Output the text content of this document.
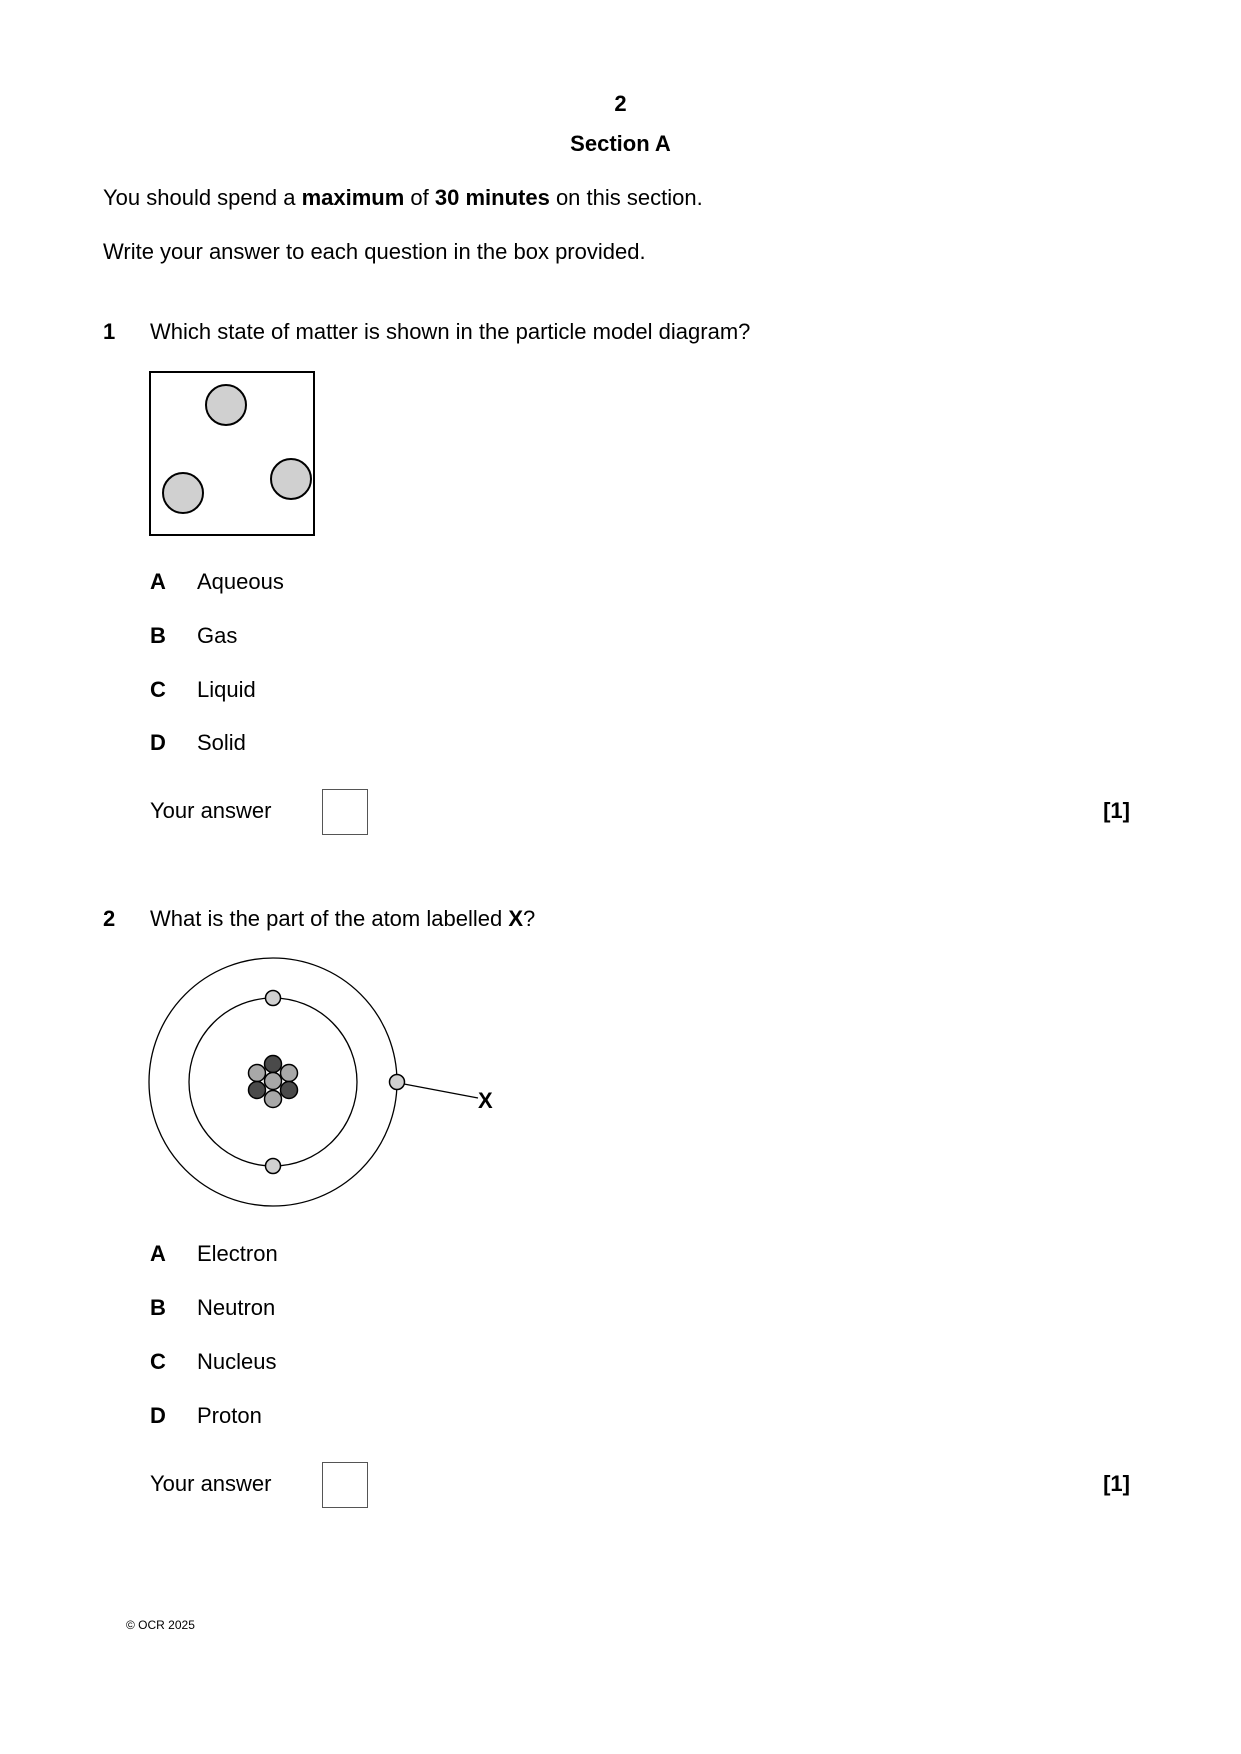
2
Section A
You should spend a maximum of 30 minutes on this section.
Write your answer to each question in the box provided.
1 Which state of matter is shown in the particle model diagram?
A Aqueous
B Gas
C Liquid
D Solid
Your answer	[1]
2 What is the part of the atom labelled X?
X
A Electron
B Neutron
C Nucleus
D Proton
Your answer	[1]
© OCR 2025
